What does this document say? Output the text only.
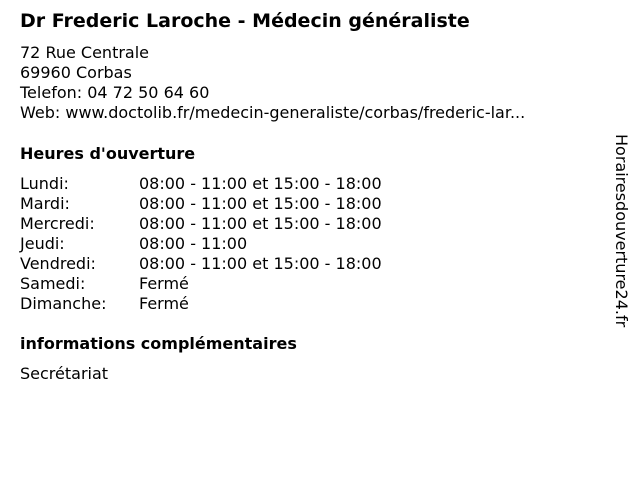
Dr Frederic Laroche - Médecin généraliste
72 Rue Centrale
69960 Corbas
Telefon: 04 72 50 64 60
Web: www.doctolib.fr/medecin-generaliste/corbas/frederic-lar...
Heures d'ouverture
Lundi:	08:00 - 11:00 et 15:00 - 18:00
Mardi:	08:00 - 11:00 et 15:00 - 18:00
Mercredi:	08:00 - 11:00 et 15:00 - 18:00
Jeudi:	08:00 - 11:00
Vendredi:	08:00 - 11:00 et 15:00 - 18:00
Samedi:	Fermé
Dimanche:	Fermé
informations complémentaires
Secrétariat
Horairesdouverture24.fr
